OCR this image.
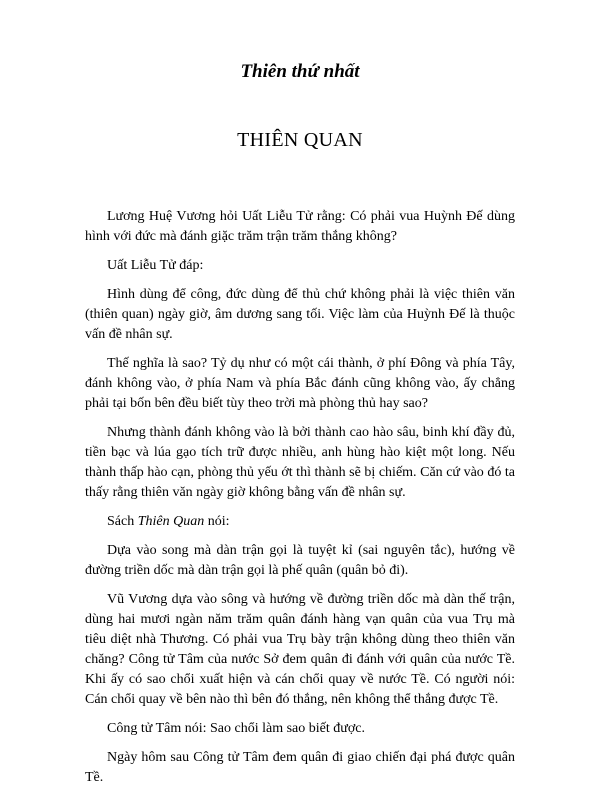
Thiên thứ nhất
THIÊN QUAN

Lương Huệ Vương hỏi Uất Liễu Tử rằng: Có phải vua Huỳnh Đế dùng hình với đức mà đánh giặc trăm trận trăm thắng không?

Uất Liễu Tử đáp:

Hình dùng để công, đức dùng để thủ chứ không phải là việc thiên văn (thiên quan) ngày giờ, âm dương sang tối. Việc làm của Huỳnh Đế là thuộc vấn đề nhân sự.

Thế nghĩa là sao? Tỷ dụ như có một cái thành, ở phí Đông và phía Tây, đánh không vào, ở phía Nam và phía Bắc đánh cũng không vào, ấy chẳng phải tại bốn bên đều biết tùy theo trời mà phòng thủ hay sao?

Nhưng thành đánh không vào là bởi thành cao hào sâu, binh khí đầy đủ, tiền bạc và lúa gạo tích trữ được nhiều, anh hùng hào kiệt một long. Nếu thành thấp hào cạn, phòng thủ yếu ớt thì thành sẽ bị chiếm. Căn cứ vào đó ta thấy rằng thiên văn ngày giờ không bằng vấn đề nhân sự.

Sách Thiên Quan nói:

Dựa vào song mà dàn trận gọi là tuyệt kỉ (sai nguyên tắc), hướng về đường triền dốc mà dàn trận gọi là phế quân (quân bỏ đi).

Vũ Vương dựa vào sông và hướng về đường triền dốc mà dàn thế trận, dùng hai mươi ngàn năm trăm quân đánh hàng vạn quân của vua Trụ mà tiêu diệt nhà Thương. Có phải vua Trụ bày trận không dùng theo thiên văn chăng? Công tử Tâm của nước Sở đem quân đi đánh với quân của nước Tề. Khi ấy có sao chổi xuất hiện và cán chổi quay về nước Tề. Có người nói: Cán chổi quay về bên nào thì bên đó thắng, nên không thể thắng được Tề.

Công tử Tâm nói: Sao chổi làm sao biết được.

Ngày hôm sau Công tử Tâm đem quân đi giao chiến đại phá được quân Tề.
